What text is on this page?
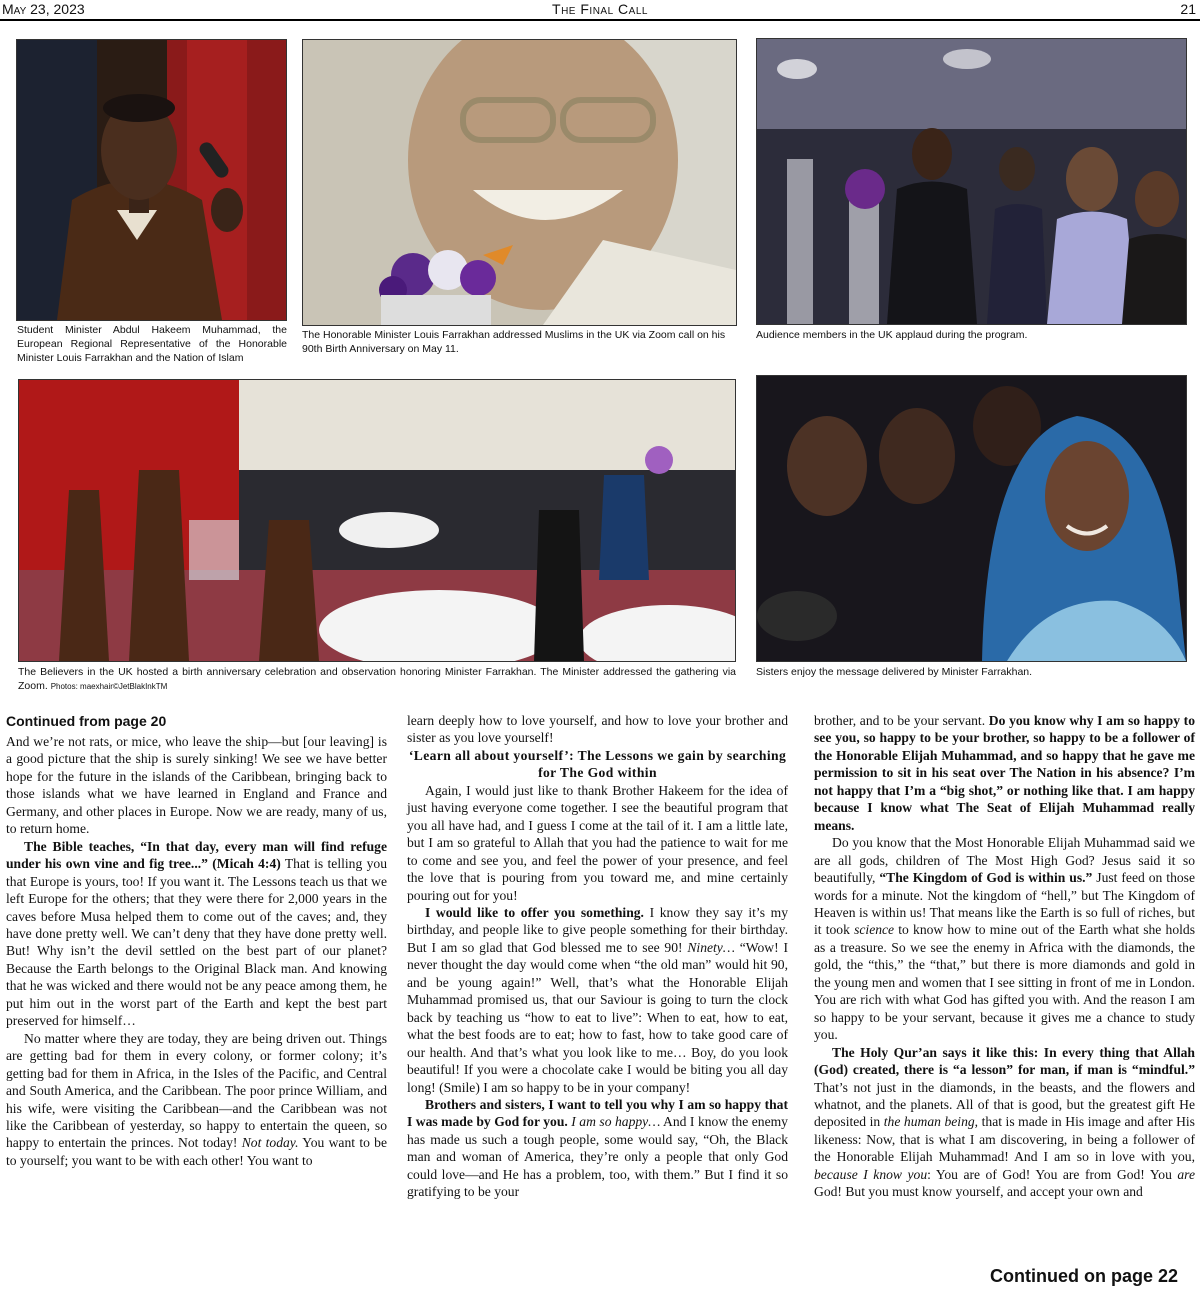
May 23, 2023	The Final Call	21
Student Minister Abdul Hakeem Muhammad, the European Regional Representative of the Honorable Minister Louis Farrakhan and the Nation of Islam
The Honorable Minister Louis Farrakhan addressed Muslims in the UK via Zoom call on his 90th Birth Anniversary on May 11.
Audience members in the UK applaud during the program.
The Believers in the UK hosted a birth anniversary celebration and observation honoring Minister Farrakhan. The Minister addressed the gathering via Zoom. Photos: maexhair©JetBlakInkTM
Sisters enjoy the message delivered by Minister Farrakhan.
Continued from page 20

And we’re not rats, or mice, who leave the ship—but [our leaving] is a good picture that the ship is surely sinking! We see we have better hope for the future in the islands of the Caribbean, bringing back to those islands what we have learned in England and France and Germany, and other places in Europe. Now we are ready, many of us, to return home.

The Bible teaches, “In that day, every man will find refuge under his own vine and fig tree...” (Micah 4:4) That is telling you that Europe is yours, too! If you want it. The Lessons teach us that we left Europe for the others; that they were there for 2,000 years in the caves before Musa helped them to come out of the caves; and, they have done pretty well. We can’t deny that they have done pretty well. But! Why isn’t the devil settled on the best part of our planet? Because the Earth belongs to the Original Black man. And knowing that he was wicked and there would not be any peace among them, he put him out in the worst part of the Earth and kept the best part preserved for himself…

No matter where they are today, they are being driven out. Things are getting bad for them in every colony, or former colony; it’s getting bad for them in Africa, in the Isles of the Pacific, and Central and South America, and the Caribbean. The poor prince William, and his wife, were visiting the Caribbean—and the Caribbean was not like the Caribbean of yesterday, so happy to entertain the queen, so happy to entertain the princes. Not today! Not today. You want to be to yourself; you want to be with each other! You want to

learn deeply how to love yourself, and how to love your brother and sister as you love yourself!

‘Learn all about yourself’: The Lessons we gain by searching for The God within

Again, I would just like to thank Brother Hakeem for the idea of just having everyone come together. I see the beautiful program that you all have had, and I guess I come at the tail of it. I am a little late, but I am so grateful to Allah that you had the patience to wait for me to come and see you, and feel the power of your presence, and feel the love that is pouring from you toward me, and mine certainly pouring out for you!

I would like to offer you something. I know they say it’s my birthday, and people like to give people something for their birthday. But I am so glad that God blessed me to see 90! Ninety… “Wow! I never thought the day would come when “the old man” would hit 90, and be young again!” Well, that’s what the Honorable Elijah Muhammad promised us, that our Saviour is going to turn the clock back by teaching us “how to eat to live”: When to eat, how to eat, what the best foods are to eat; how to fast, how to take good care of our health. And that’s what you look like to me… Boy, do you look beautiful! If you were a chocolate cake I would be biting you all day long! (Smile) I am so happy to be in your company!

Brothers and sisters, I want to tell you why I am so happy that I was made by God for you. I am so happy… And I know the enemy has made us such a tough people, some would say, “Oh, the Black man and woman of America, they’re only a people that only God could love—and He has a problem, too, with them.” But I find it so gratifying to be your

brother, and to be your servant. Do you know why I am so happy to see you, so happy to be your brother, so happy to be a follower of the Honorable Elijah Muhammad, and so happy that he gave me permission to sit in his seat over The Nation in his absence? I’m not happy that I’m a “big shot,” or nothing like that. I am happy because I know what The Seat of Elijah Muhammad really means.

Do you know that the Most Honorable Elijah Muhammad said we are all gods, children of The Most High God? Jesus said it so beautifully, “The Kingdom of God is within us.” Just feed on those words for a minute. Not the kingdom of “hell,” but The Kingdom of Heaven is within us! That means like the Earth is so full of riches, but it took science to know how to mine out of the Earth what she holds as a treasure. So we see the enemy in Africa with the diamonds, the gold, the “this,” the “that,” but there is more diamonds and gold in the young men and women that I see sitting in front of me in London. You are rich with what God has gifted you with. And the reason I am so happy to be your servant, because it gives me a chance to study you.

The Holy Qur’an says it like this: In every thing that Allah (God) created, there is “a lesson” for man, if man is “mindful.” That’s not just in the diamonds, in the beasts, and the flowers and whatnot, and the planets. All of that is good, but the greatest gift He deposited in the human being, that is made in His image and after His likeness: Now, that is what I am discovering, in being a follower of the Honorable Elijah Muhammad! And I am so in love with you, because I know you: You are of God! You are from God! You are God! But you must know yourself, and accept your own and

Continued on page 22
